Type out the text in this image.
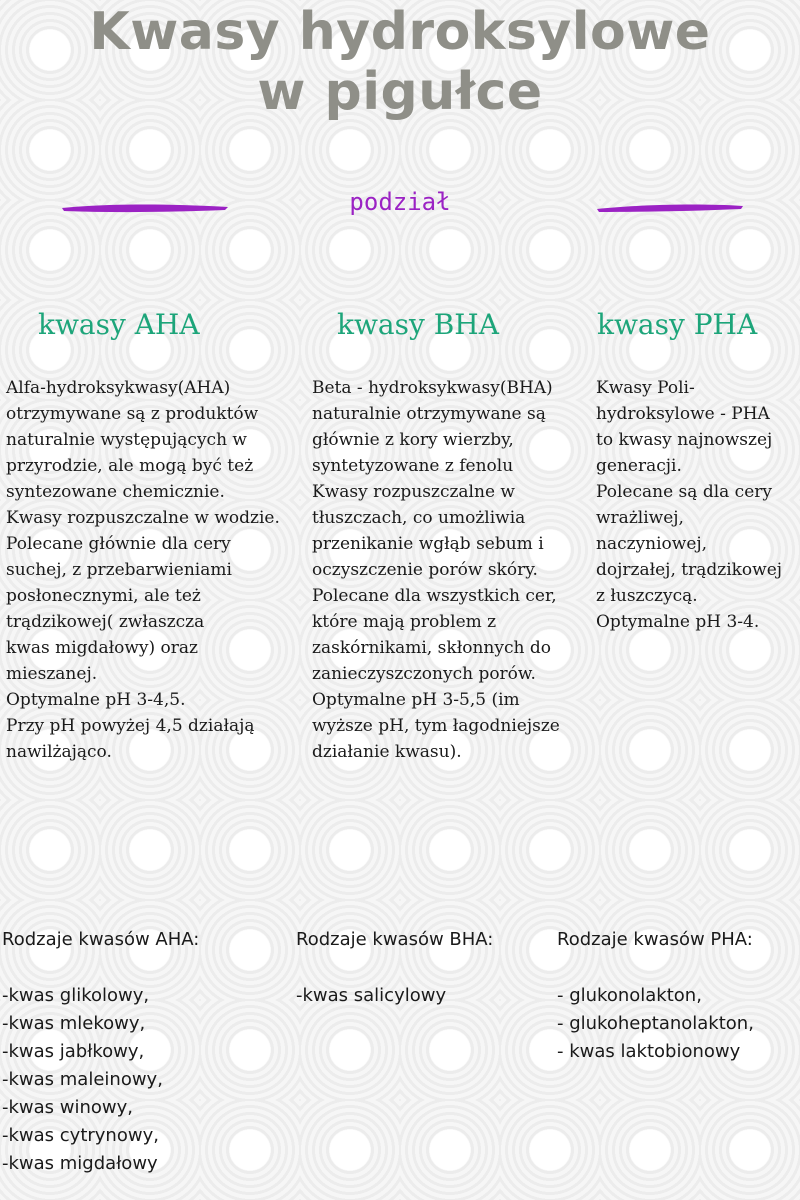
Kwasy hydroksylowe
w pigułce
podział
kwasy AHA	kwasy BHA	kwasy PHA
Alfa-hydroksykwasy(AHA)
otrzymywane są z produktów
naturalnie występujących w
przyrodzie, ale mogą być też
syntezowane chemicznie.
Kwasy rozpuszczalne w wodzie.
Polecane głównie dla cery
suchej, z przebarwieniami
posłonecznymi, ale też
trądzikowej( zwłaszcza
kwas migdałowy) oraz
mieszanej.
Optymalne pH 3-4,5.
Przy pH powyżej 4,5 działają
nawilżająco.
Beta - hydroksykwasy(BHA)
naturalnie otrzymywane są
głównie z kory wierzby,
syntetyzowane z fenolu
Kwasy rozpuszczalne w
tłuszczach, co umożliwia
przenikanie wgłąb sebum i
oczyszczenie porów skóry.
Polecane dla wszystkich cer,
które mają problem z
zaskórnikami, skłonnych do
zanieczyszczonych porów.
Optymalne pH 3-5,5 (im
wyższe pH, tym łagodniejsze
działanie kwasu).
Kwasy Poli-
hydroksylowe - PHA
to kwasy najnowszej
generacji.
Polecane są dla cery
wrażliwej,
naczyniowej,
dojrzałej, trądzikowej
z łuszczycą.
Optymalne pH 3-4.

Rodzaje kwasów AHA:

-kwas glikolowy,
-kwas mlekowy,
-kwas jabłkowy,
-kwas maleinowy,
-kwas winowy,
-kwas cytrynowy,
-kwas migdałowy

Rodzaje kwasów BHA:

-kwas salicylowy

Rodzaje kwasów PHA:

- glukonolakton,
- glukoheptanolakton,
- kwas laktobionowy
